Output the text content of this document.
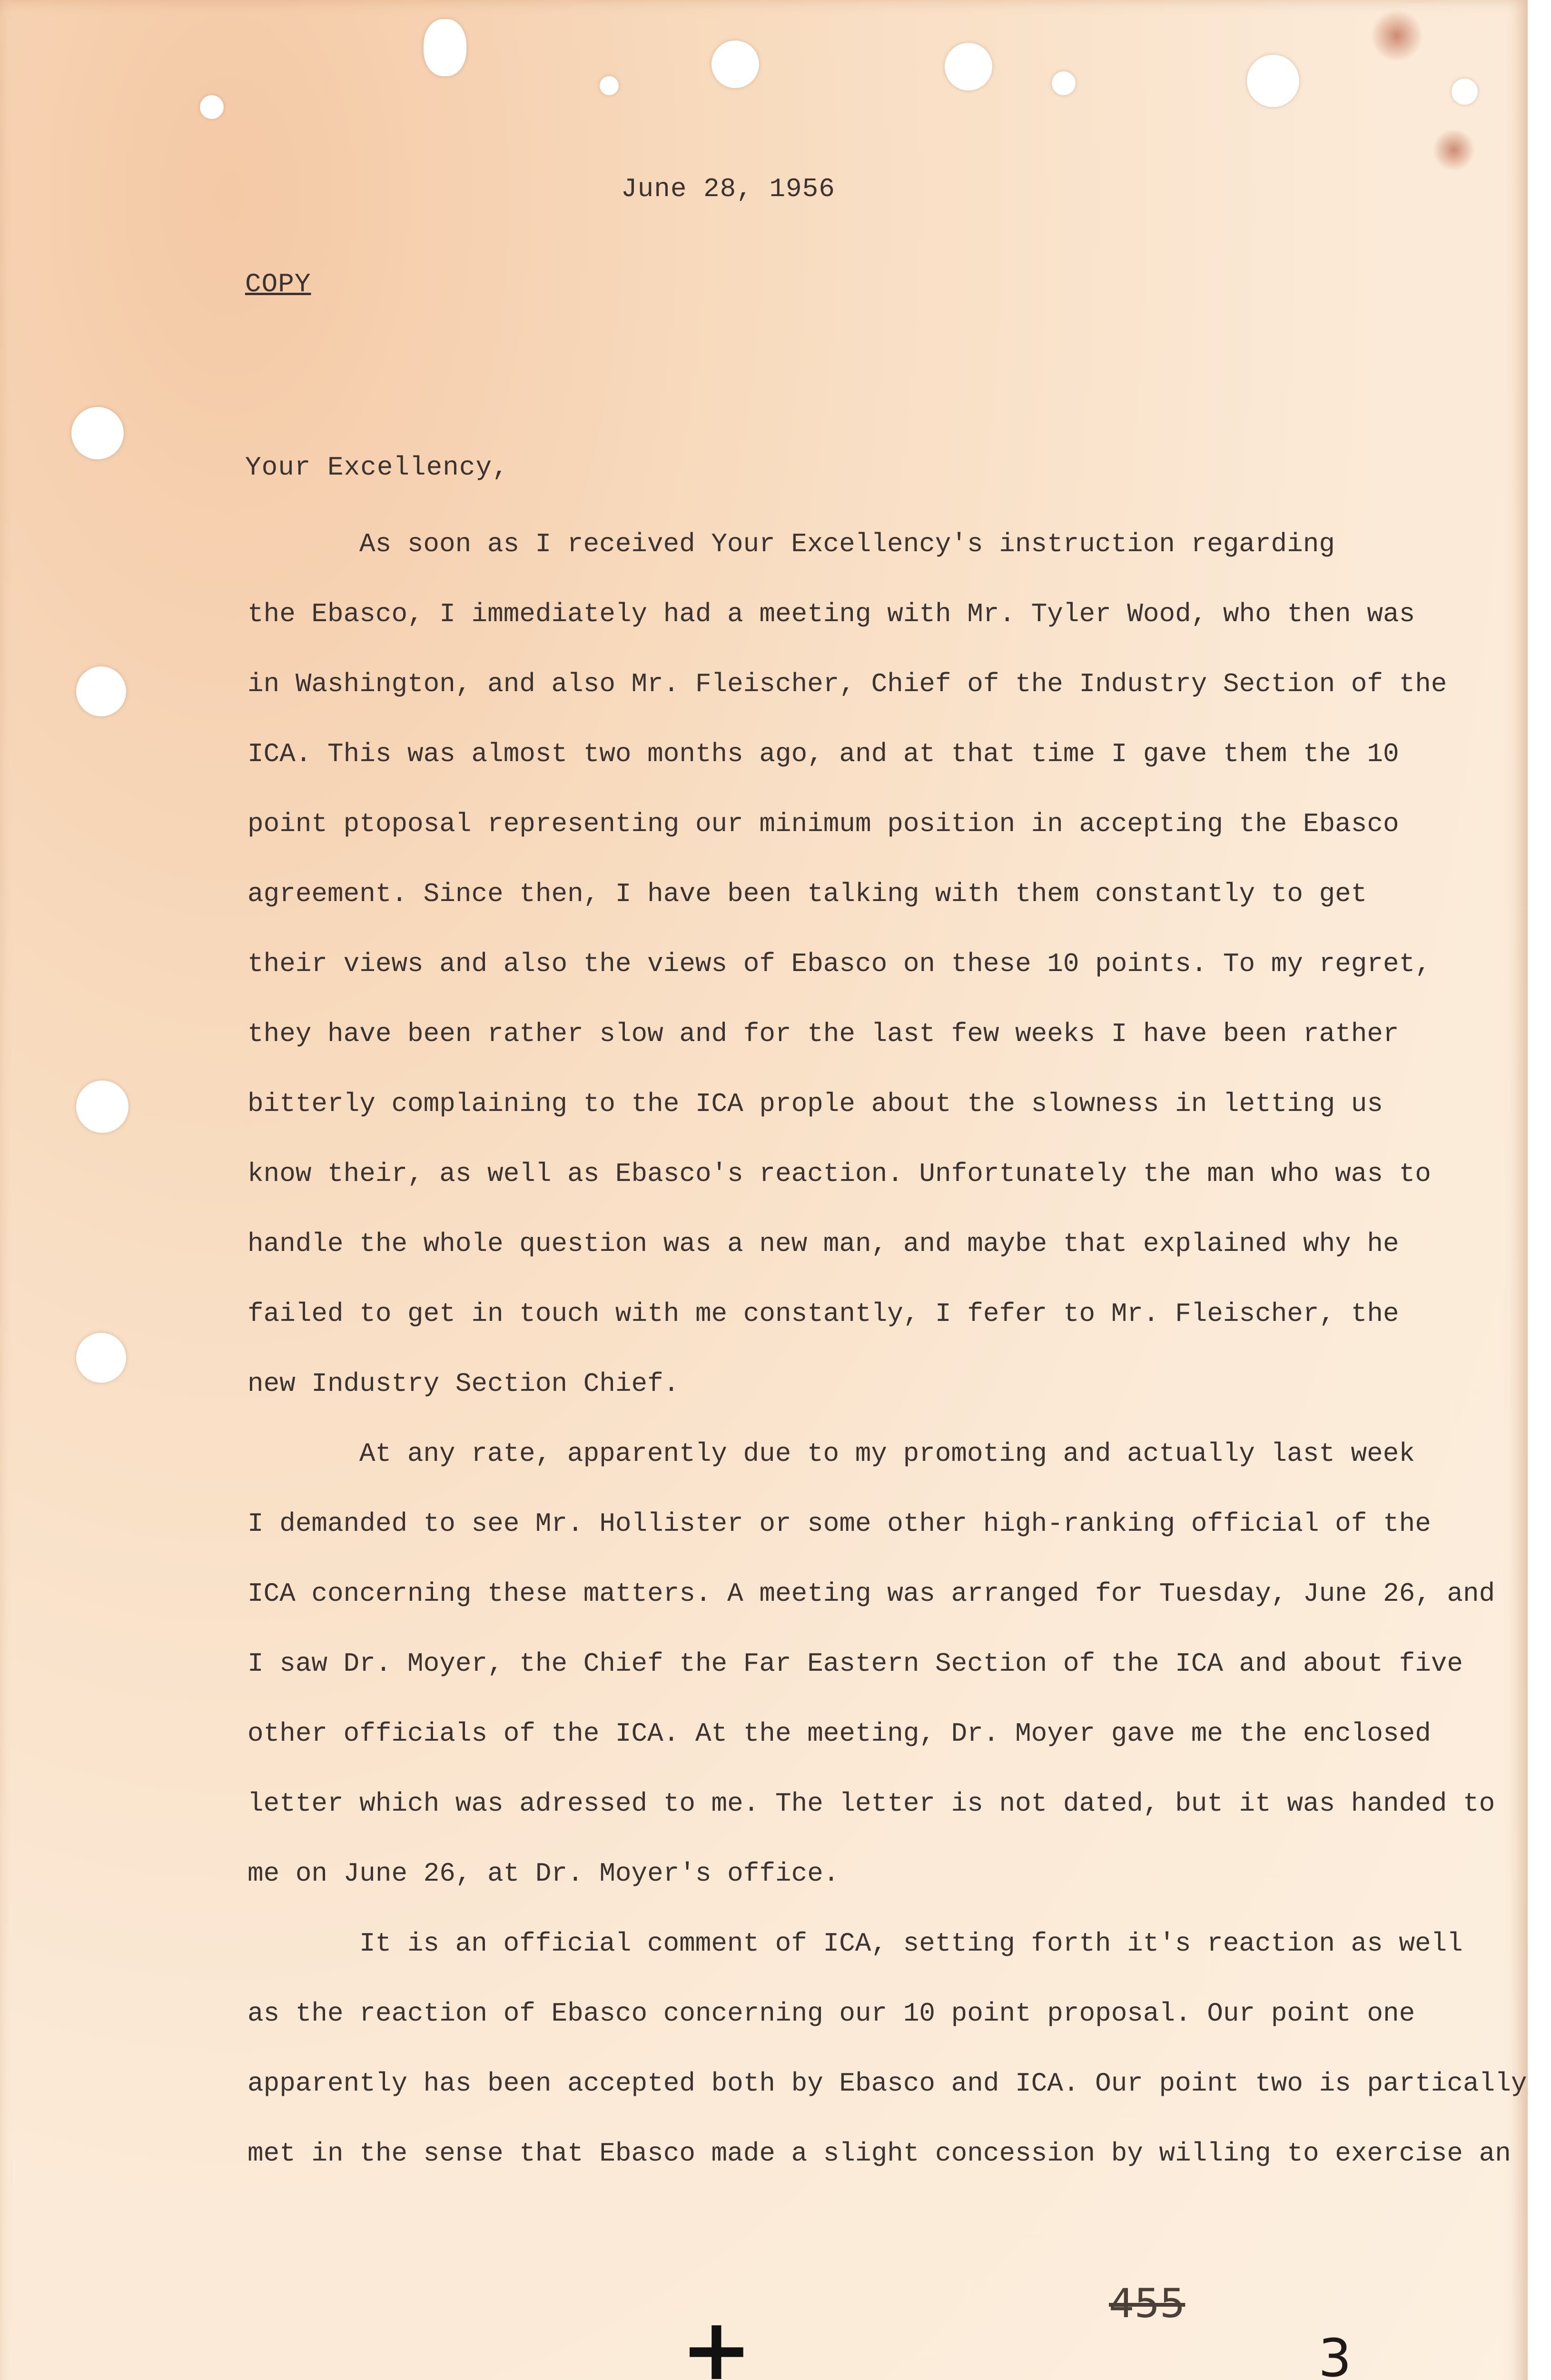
June 28, 1956
COPY
Your Excellency,
As soon as I received Your Excellency's instruction regarding
the Ebasco, I immediately had a meeting with Mr. Tyler Wood, who then was
in Washington, and also Mr. Fleischer, Chief of the Industry Section of the
ICA. This was almost two months ago, and at that time I gave them the 10
point ptoposal representing our minimum position in accepting the Ebasco
agreement. Since then, I have been talking with them constantly to get
their views and also the views of Ebasco on these 10 points. To my regret,
they have been rather slow and for the last few weeks I have been rather
bitterly complaining to the ICA prople about the slowness in letting us
know their, as well as Ebasco's reaction. Unfortunately the man who was to
handle the whole question was a new man, and maybe that explained why he
failed to get in touch with me constantly, I fefer to Mr. Fleischer, the
new Industry Section Chief.
At any rate, apparently due to my promoting and actually last week
I demanded to see Mr. Hollister or some other high-ranking official of the
ICA concerning these matters. A meeting was arranged for Tuesday, June 26, and
I saw Dr. Moyer, the Chief the Far Eastern Section of the ICA and about five
other officials of the ICA. At the meeting, Dr. Moyer gave me the enclosed
letter which was adressed to me. The letter is not dated, but it was handed to
me on June 26, at Dr. Moyer's office.
It is an official comment of ICA, setting forth it's reaction as well
as the reaction of Ebasco concerning our 10 point proposal. Our point one
apparently has been accepted both by Ebasco and ICA. Our point two is partically
met in the sense that Ebasco made a slight concession by willing to exercise an
+	455
3
